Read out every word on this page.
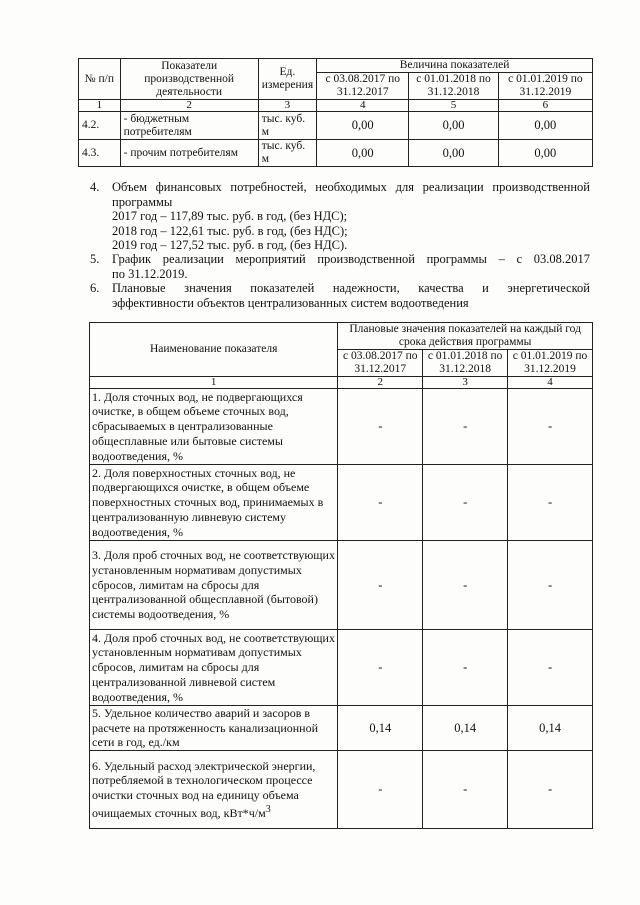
№ п/п	Показатели производственной деятельности	Ед. измерения	Величина показателей		
			с 03.08.2017 по 31.12.2017	с 01.01.2018 по 31.12.2018	с 01.01.2019 по 31.12.2019
1	2	3	4	5	6
4.2.	- бюджетным потребителям	тыс. куб. м	0,00	0,00	0,00
4.3.	- прочим потребителям	тыс. куб. м	0,00	0,00	0,00
4.	Объем финансовых потребностей, необходимых для реализации производственной
программы
2017 год – 117,89 тыс. руб. в год, (без НДС);
2018 год – 122,61 тыс. руб. в год, (без НДС);
2019 год – 127,52 тыс. руб. в год, (без НДС).
5.	График реализации мероприятий производственной программы – с 03.08.2017
по 31.12.2019.
6.	Плановые значения показателей надежности, качества и энергетической
эффективности объектов централизованных систем водоотведения
Наименование показателя	Плановые значения показателей на каждый год срока действия программы		
	с 03.08.2017 по 31.12.2017	с 01.01.2018 по 31.12.2018	с 01.01.2019 по 31.12.2019
1	2	3	4
1. Доля сточных вод, не подвергающихся очистке, в общем объеме сточных вод, сбрасываемых в централизованные общесплавные или бытовые системы водоотведения, %	-	-	-
2. Доля поверхностных сточных вод, не подвергающихся очистке, в общем объеме поверхностных сточных вод, принимаемых в централизованную ливневую систему водоотведения, %	-	-	-
3. Доля проб сточных вод, не соответствующих установленным нормативам допустимых сбросов, лимитам на сбросы для централизованной общесплавной (бытовой) системы водоотведения, %	-	-	-
4. Доля проб сточных вод, не соответствующих установленным нормативам допустимых сбросов, лимитам на сбросы для централизованной ливневой систем водоотведения, %	-	-	-
5. Удельное количество аварий и засоров в расчете на протяженность канализационной сети в год, ед./км	0,14	0,14	0,14
6. Удельный расход электрической энергии, потребляемой в технологическом процессе очистки сточных вод на единицу объема очищаемых сточных вод, $кВт*ч/м^3$	-	-	-
